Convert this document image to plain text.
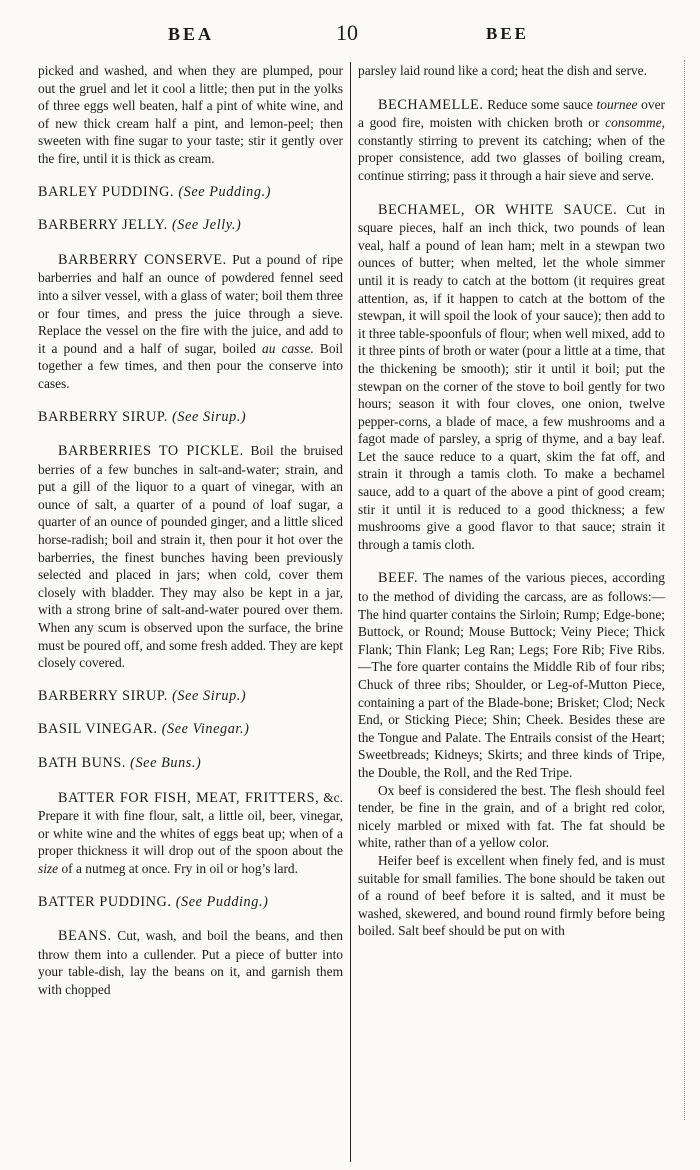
BEA	10	BEE

picked and washed, and when they are plumped, pour out the gruel and let it cool a little; then put in the yolks of three eggs well beaten, half a pint of white wine, and of new thick cream half a pint, and lemon-peel; then sweeten with fine sugar to your taste; stir it gently over the fire, until it is thick as cream.

BARLEY PUDDING. (See Pudding.)

BARBERRY JELLY. (See Jelly.)

BARBERRY CONSERVE. Put a pound of ripe barberries and half an ounce of powdered fennel seed into a silver vessel, with a glass of water; boil them three or four times, and press the juice through a sieve. Replace the vessel on the fire with the juice, and add to it a pound and a half of sugar, boiled au casse. Boil together a few times, and then pour the conserve into cases.

BARBERRY SIRUP. (See Sirup.)

BARBERRIES TO PICKLE. Boil the bruised berries of a few bunches in salt-and-water; strain, and put a gill of the liquor to a quart of vinegar, with an ounce of salt, a quarter of a pound of loaf sugar, a quarter of an ounce of pounded ginger, and a little sliced horse-radish; boil and strain it, then pour it hot over the barberries, the finest bunches having been previously selected and placed in jars; when cold, cover them closely with bladder. They may also be kept in a jar, with a strong brine of salt-and-water poured over them. When any scum is observed upon the surface, the brine must be poured off, and some fresh added. They are kept closely covered.

BARBERRY SIRUP. (See Sirup.)

BASIL VINEGAR. (See Vinegar.)

BATH BUNS. (See Buns.)

BATTER FOR FISH, MEAT, FRITTERS, &c. Prepare it with fine flour, salt, a little oil, beer, vinegar, or white wine and the whites of eggs beat up; when of a proper thickness it will drop out of the spoon about the size of a nutmeg at once. Fry in oil or hog’s lard.

BATTER PUDDING. (See Pudding.)

BEANS. Cut, wash, and boil the beans, and then throw them into a cullender. Put a piece of butter into your table-dish, lay the beans on it, and garnish them with chopped

parsley laid round like a cord; heat the dish and serve.

BECHAMELLE. Reduce some sauce tournee over a good fire, moisten with chicken broth or consomme, constantly stirring to prevent its catching; when of the proper consistence, add two glasses of boiling cream, continue stirring; pass it through a hair sieve and serve.

BECHAMEL, OR WHITE SAUCE. Cut in square pieces, half an inch thick, two pounds of lean veal, half a pound of lean ham; melt in a stewpan two ounces of butter; when melted, let the whole simmer until it is ready to catch at the bottom (it requires great attention, as, if it happen to catch at the bottom of the stewpan, it will spoil the look of your sauce); then add to it three table-spoonfuls of flour; when well mixed, add to it three pints of broth or water (pour a little at a time, that the thickening be smooth); stir it until it boil; put the stewpan on the corner of the stove to boil gently for two hours; season it with four cloves, one onion, twelve pepper-corns, a blade of mace, a few mushrooms and a fagot made of parsley, a sprig of thyme, and a bay leaf. Let the sauce reduce to a quart, skim the fat off, and strain it through a tamis cloth. To make a bechamel sauce, add to a quart of the above a pint of good cream; stir it until it is reduced to a good thickness; a few mushrooms give a good flavor to that sauce; strain it through a tamis cloth.

BEEF. The names of the various pieces, according to the method of dividing the carcass, are as follows:—The hind quarter contains the Sirloin; Rump; Edge-bone; Buttock, or Round; Mouse Buttock; Veiny Piece; Thick Flank; Thin Flank; Leg Ran; Legs; Fore Rib; Five Ribs.—The fore quarter contains the Middle Rib of four ribs; Chuck of three ribs; Shoulder, or Leg-of-Mutton Piece, containing a part of the Blade-bone; Brisket; Clod; Neck End, or Sticking Piece; Shin; Cheek. Besides these are the Tongue and Palate. The Entrails consist of the Heart; Sweetbreads; Kidneys; Skirts; and three kinds of Tripe, the Double, the Roll, and the Red Tripe.

Ox beef is considered the best. The flesh should feel tender, be fine in the grain, and of a bright red color, nicely marbled or mixed with fat. The fat should be white, rather than of a yellow color.

Heifer beef is excellent when finely fed, and is must suitable for small families. The bone should be taken out of a round of beef before it is salted, and it must be washed, skewered, and bound round firmly before being boiled. Salt beef should be put on with
